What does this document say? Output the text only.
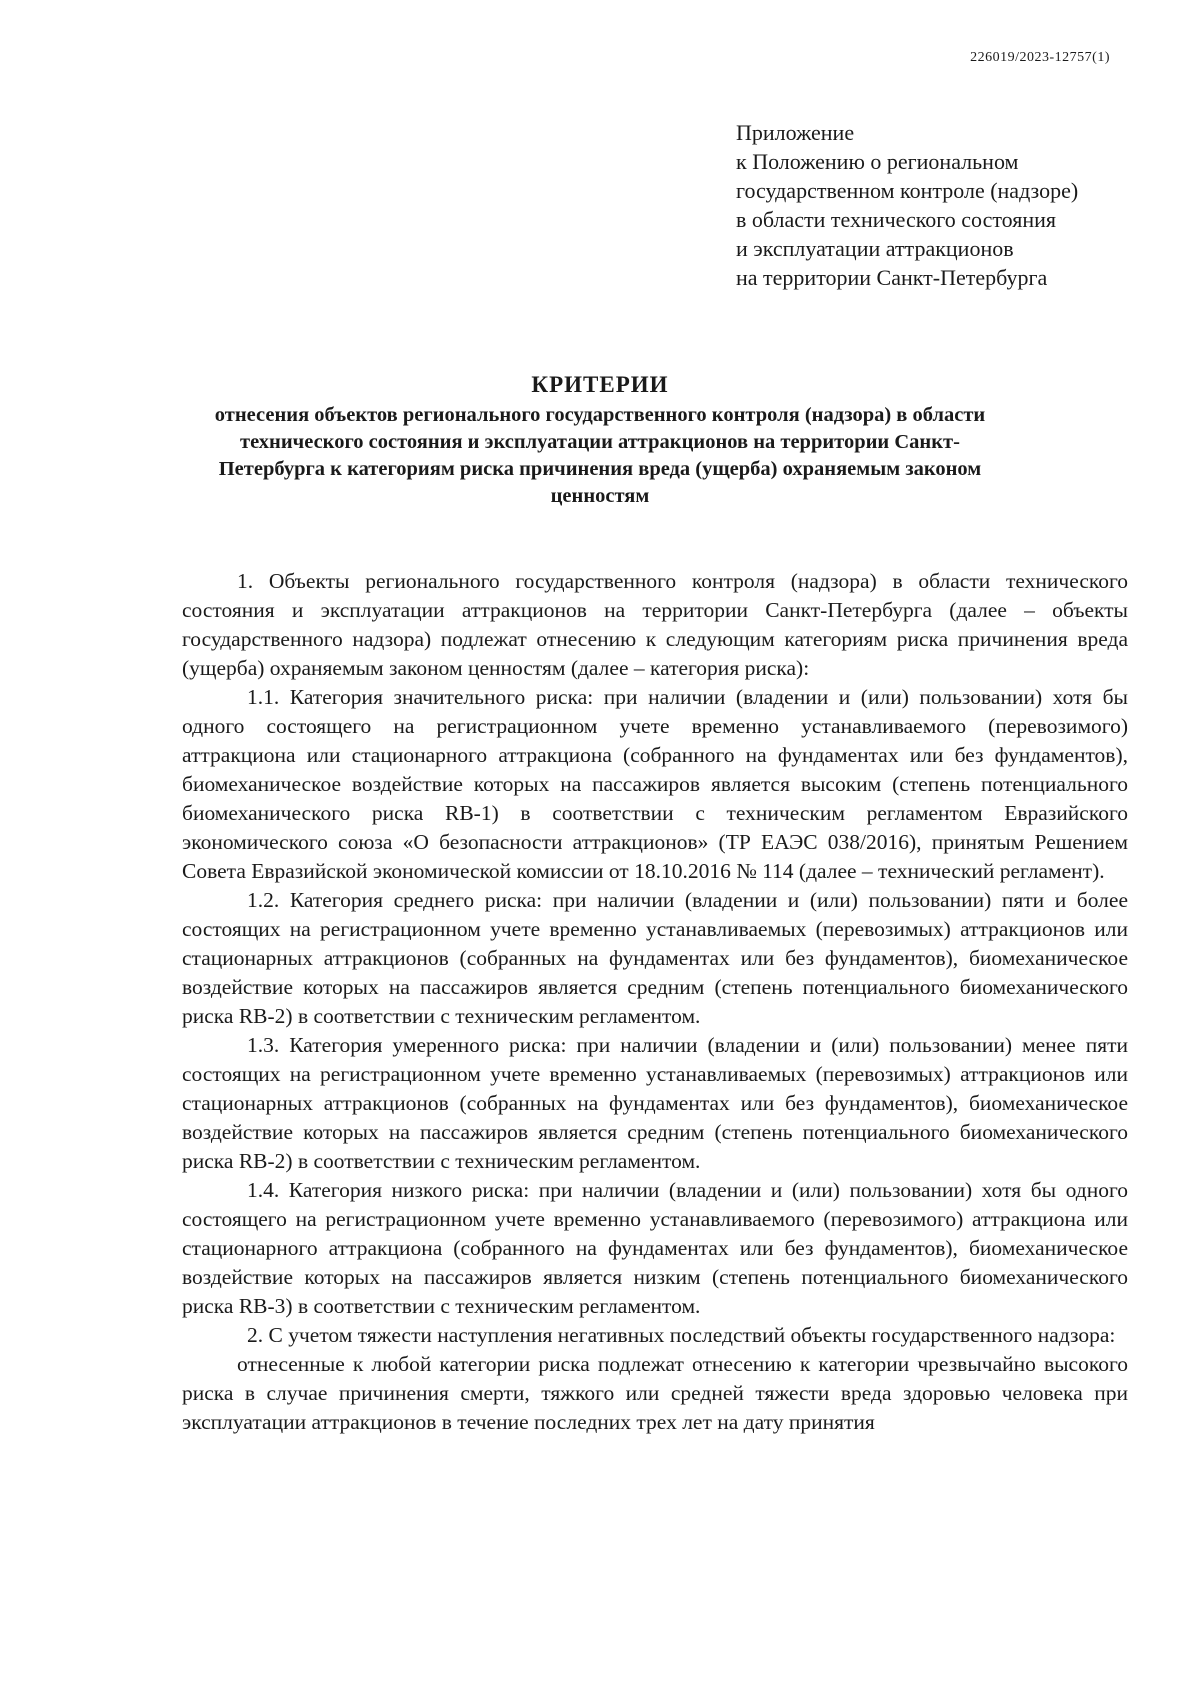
226019/2023-12757(1)
Приложение
к Положению о региональном
государственном контроле (надзоре)
в области технического состояния
и эксплуатации аттракционов
на территории Санкт-Петербурга
КРИТЕРИИ
отнесения объектов регионального государственного контроля (надзора) в области технического состояния и эксплуатации аттракционов на территории Санкт-Петербурга к категориям риска причинения вреда (ущерба) охраняемым законом ценностям

1. Объекты регионального государственного контроля (надзора) в области технического состояния и эксплуатации аттракционов на территории Санкт-Петербурга (далее – объекты государственного надзора) подлежат отнесению к следующим категориям риска причинения вреда (ущерба) охраняемым законом ценностям (далее – категория риска):

1.1. Категория значительного риска: при наличии (владении и (или) пользовании) хотя бы одного состоящего на регистрационном учете временно устанавливаемого (перевозимого) аттракциона или стационарного аттракциона (собранного на фундаментах или без фундаментов), биомеханическое воздействие которых на пассажиров является высоким (степень потенциального биомеханического риска RB-1) в соответствии с техническим регламентом Евразийского экономического союза «О безопасности аттракционов» (ТР ЕАЭС 038/2016), принятым Решением Совета Евразийской экономической комиссии от 18.10.2016 № 114 (далее – технический регламент).

1.2. Категория среднего риска: при наличии (владении и (или) пользовании) пяти и более состоящих на регистрационном учете временно устанавливаемых (перевозимых) аттракционов или стационарных аттракционов (собранных на фундаментах или без фундаментов), биомеханическое воздействие которых на пассажиров является средним (степень потенциального биомеханического риска RB-2) в соответствии с техническим регламентом.

1.3. Категория умеренного риска: при наличии (владении и (или) пользовании) менее пяти состоящих на регистрационном учете временно устанавливаемых (перевозимых) аттракционов или стационарных аттракционов (собранных на фундаментах или без фундаментов), биомеханическое воздействие которых на пассажиров является средним (степень потенциального биомеханического риска RB-2) в соответствии с техническим регламентом.

1.4. Категория низкого риска: при наличии (владении и (или) пользовании) хотя бы одного состоящего на регистрационном учете временно устанавливаемого (перевозимого) аттракциона или стационарного аттракциона (собранного на фундаментах или без фундаментов), биомеханическое воздействие которых на пассажиров является низким (степень потенциального биомеханического риска RB-3) в соответствии с техническим регламентом.

2. С учетом тяжести наступления негативных последствий объекты государственного надзора:

отнесенные к любой категории риска подлежат отнесению к категории чрезвычайно высокого риска в случае причинения смерти, тяжкого или средней тяжести вреда здоровью человека при эксплуатации аттракционов в течение последних трех лет на дату принятия
